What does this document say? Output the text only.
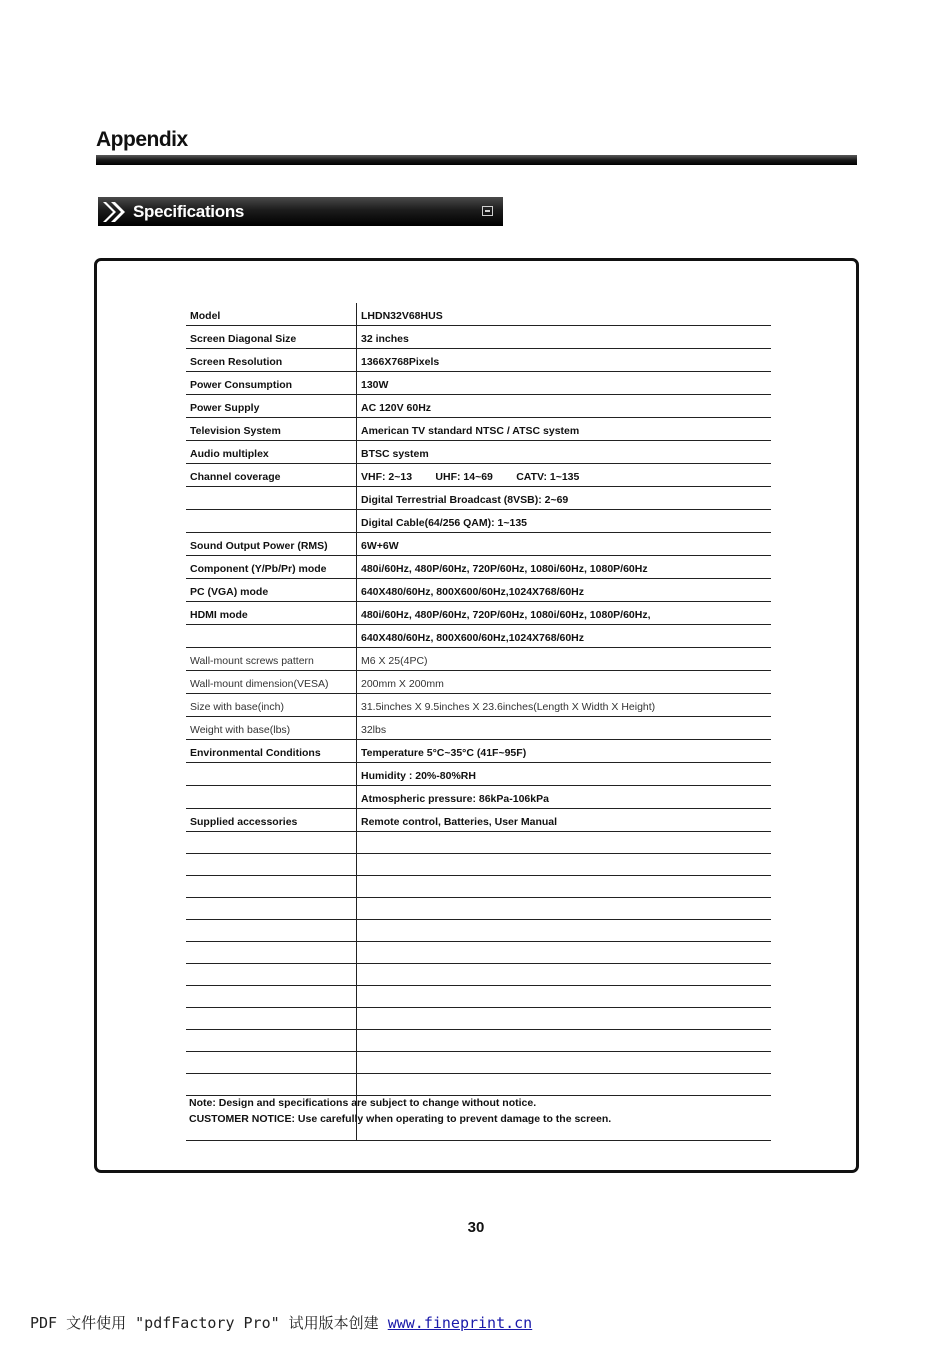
Appendix
Specifications
Model	LHDN32V68HUS
Screen Diagonal Size	32 inches
Screen Resolution	1366X768Pixels
Power Consumption	130W
Power Supply	AC 120V 60Hz
Television System	American TV standard NTSC / ATSC system
Audio multiplex	BTSC system
Channel coverage	VHF: 2~13        UHF: 14~69        CATV: 1~135
	Digital Terrestrial Broadcast (8VSB): 2~69
	Digital Cable(64/256 QAM): 1~135
Sound Output Power (RMS)	6W+6W
Component (Y/Pb/Pr) mode	480i/60Hz, 480P/60Hz, 720P/60Hz, 1080i/60Hz, 1080P/60Hz
PC (VGA) mode	640X480/60Hz, 800X600/60Hz,1024X768/60Hz
HDMI mode	480i/60Hz, 480P/60Hz, 720P/60Hz, 1080i/60Hz, 1080P/60Hz,
	640X480/60Hz, 800X600/60Hz,1024X768/60Hz
Wall-mount screws pattern	M6 X 25(4PC)
Wall-mount dimension(VESA)	200mm X 200mm
Size with base(inch)	31.5inches X 9.5inches X 23.6inches(Length X Width X Height)
Weight with base(lbs)	32lbs
Environmental Conditions	Temperature 5°C~35°C (41F~95F)
	Humidity : 20%-80%RH
	Atmospheric pressure: 86kPa-106kPa
Supplied accessories	Remote control, Batteries, User Manual

Note: Design and specifications are subject to change without notice.
CUSTOMER NOTICE: Use carefully when operating to prevent damage to the screen.
30
PDF 文件使用 "pdfFactory Pro" 试用版本创建 www.fineprint.cn
